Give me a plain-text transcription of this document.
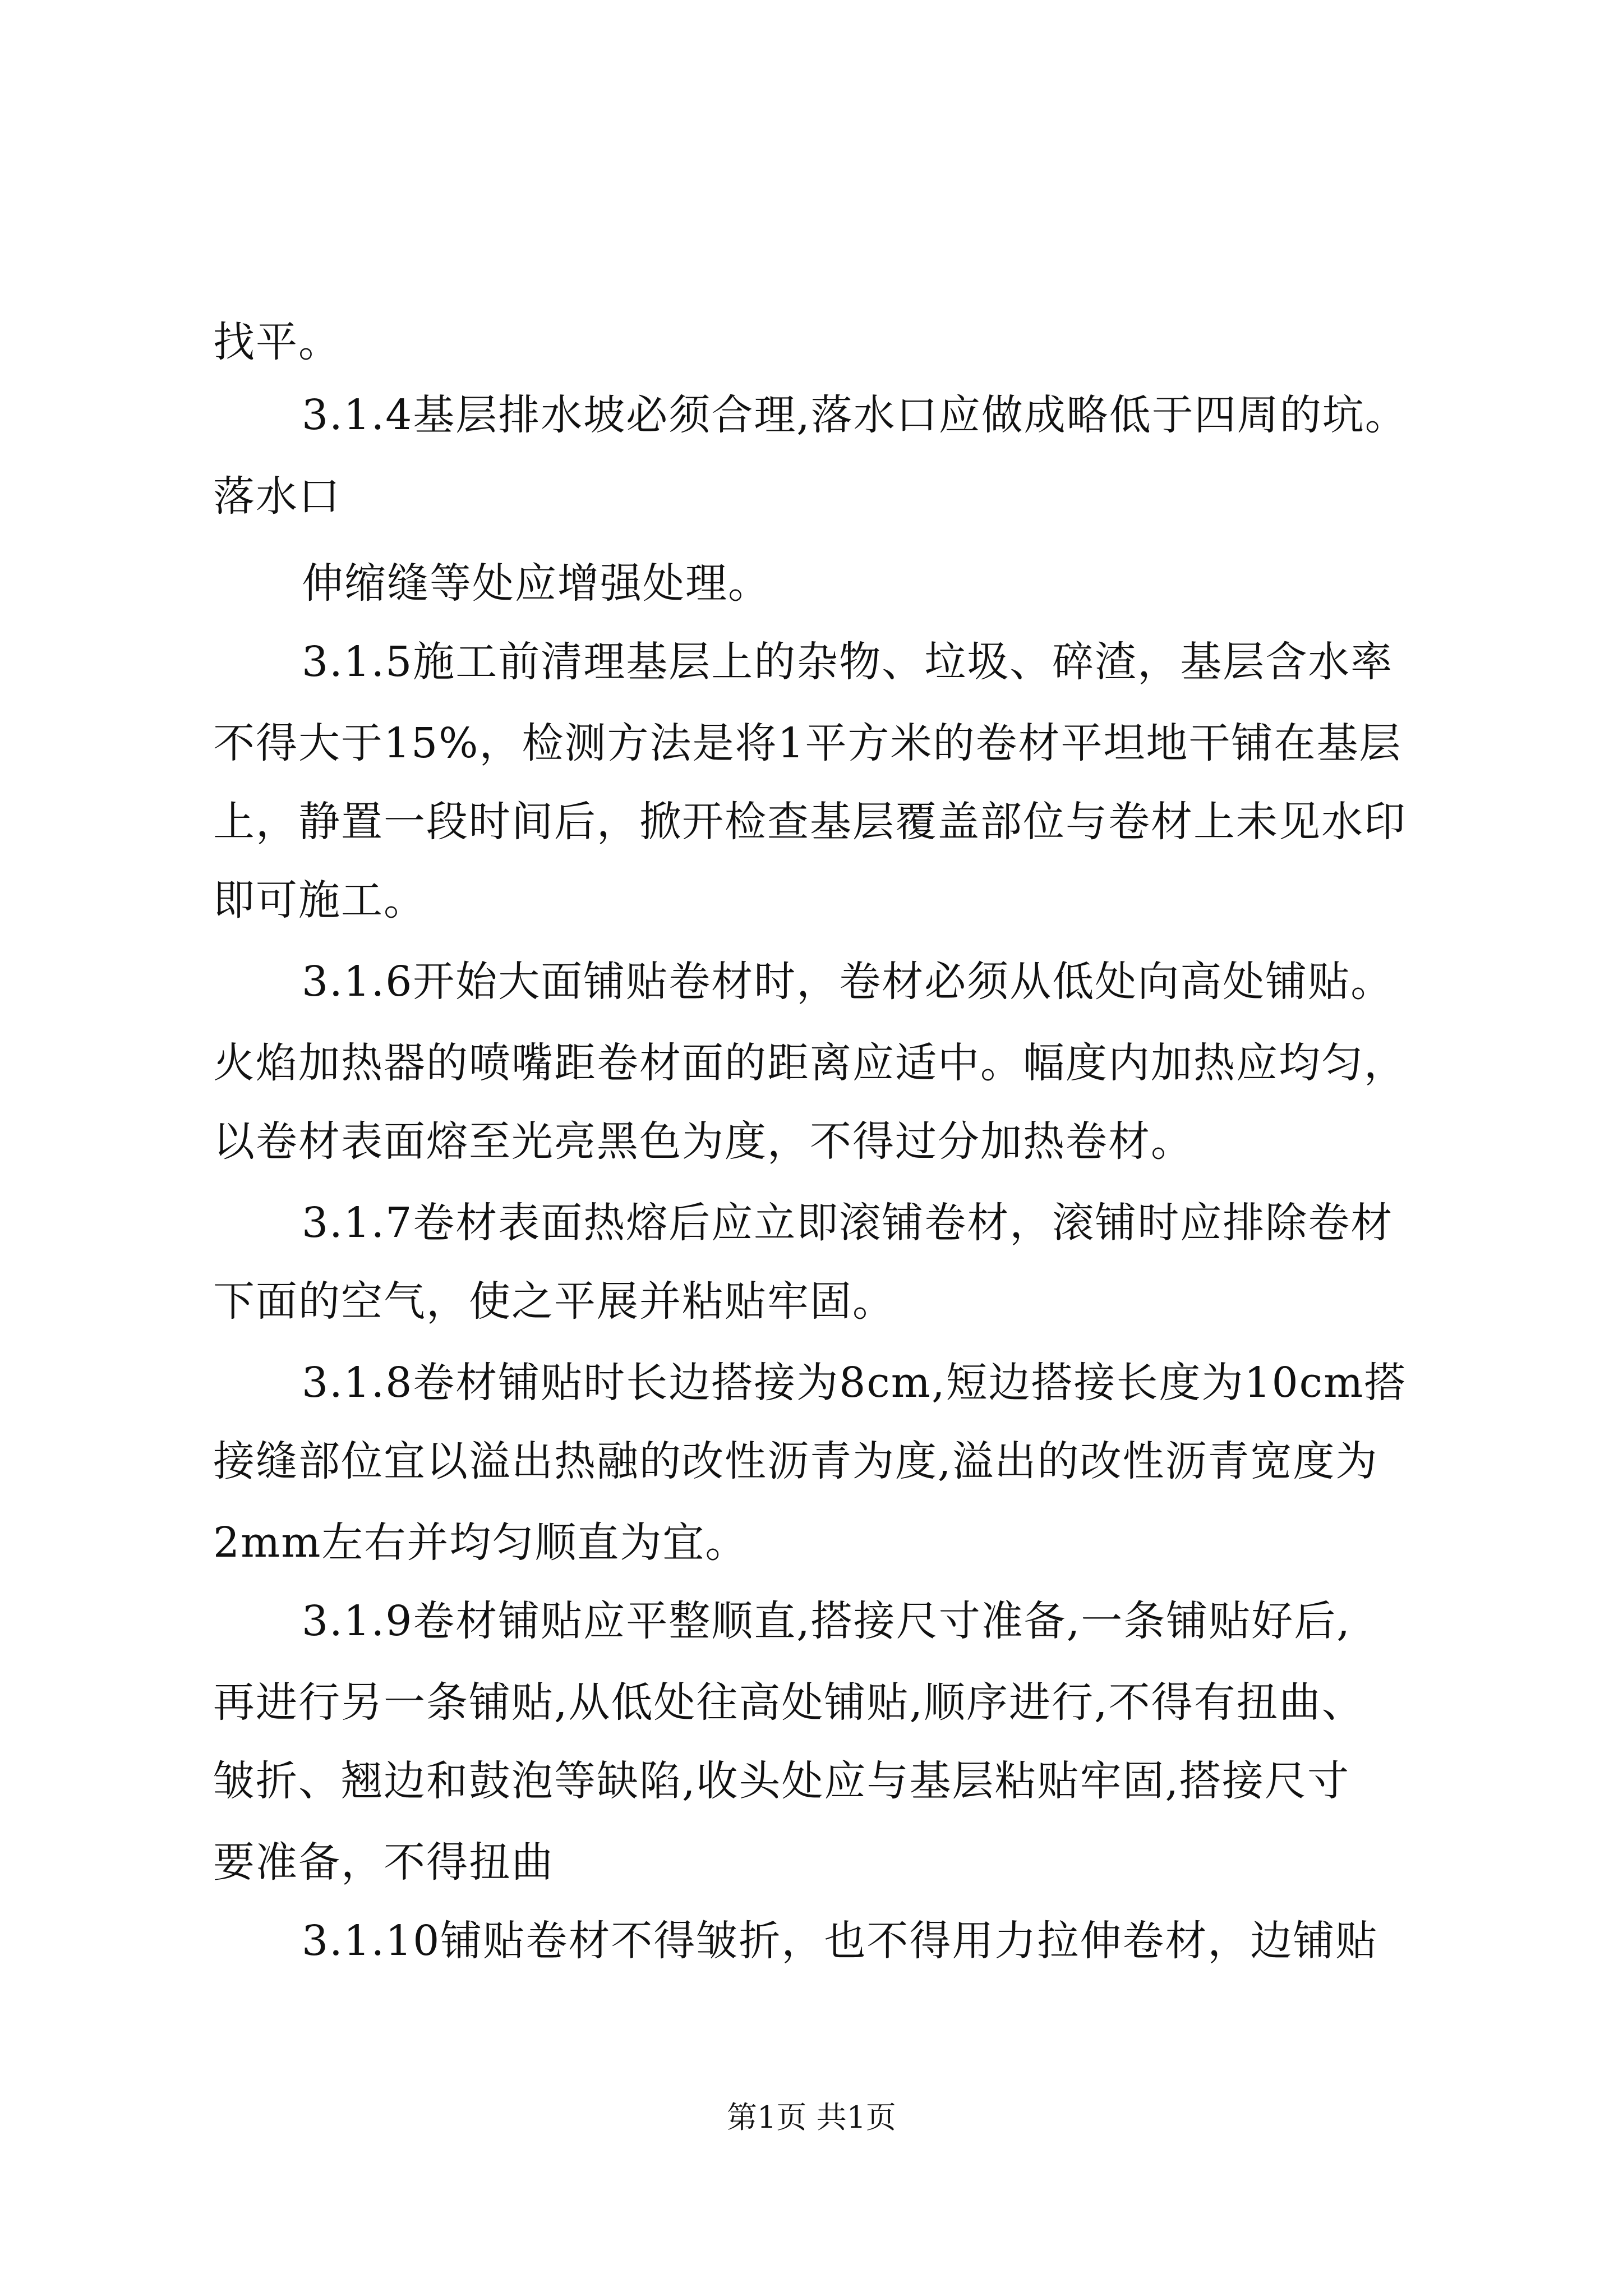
找平。
3.1.4基层排水坡必须合理,落水口应做成略低于四周的坑。
落水口
伸缩缝等处应增强处理。
3.1.5施工前清理基层上的杂物、垃圾、碎渣，基层含水率
不得大于15%，检测方法是将1平方米的卷材平坦地干铺在基层
上，静置一段时间后，掀开检查基层覆盖部位与卷材上未见水印
即可施工。
3.1.6开始大面铺贴卷材时，卷材必须从低处向高处铺贴。
火焰加热器的喷嘴距卷材面的距离应适中。幅度内加热应均匀，
以卷材表面熔至光亮黑色为度，不得过分加热卷材。
3.1.7卷材表面热熔后应立即滚铺卷材，滚铺时应排除卷材
下面的空气，使之平展并粘贴牢固。
3.1.8卷材铺贴时长边搭接为8cm,短边搭接长度为10cm搭
接缝部位宜以溢出热融的改性沥青为度,溢出的改性沥青宽度为
2mm左右并均匀顺直为宜。
3.1.9卷材铺贴应平整顺直,搭接尺寸准备,一条铺贴好后,
再进行另一条铺贴,从低处往高处铺贴,顺序进行,不得有扭曲、
皱折、翘边和鼓泡等缺陷,收头处应与基层粘贴牢固,搭接尺寸
要准备，不得扭曲
3.1.10铺贴卷材不得皱折，也不得用力拉伸卷材，边铺贴
第1页 共1页
